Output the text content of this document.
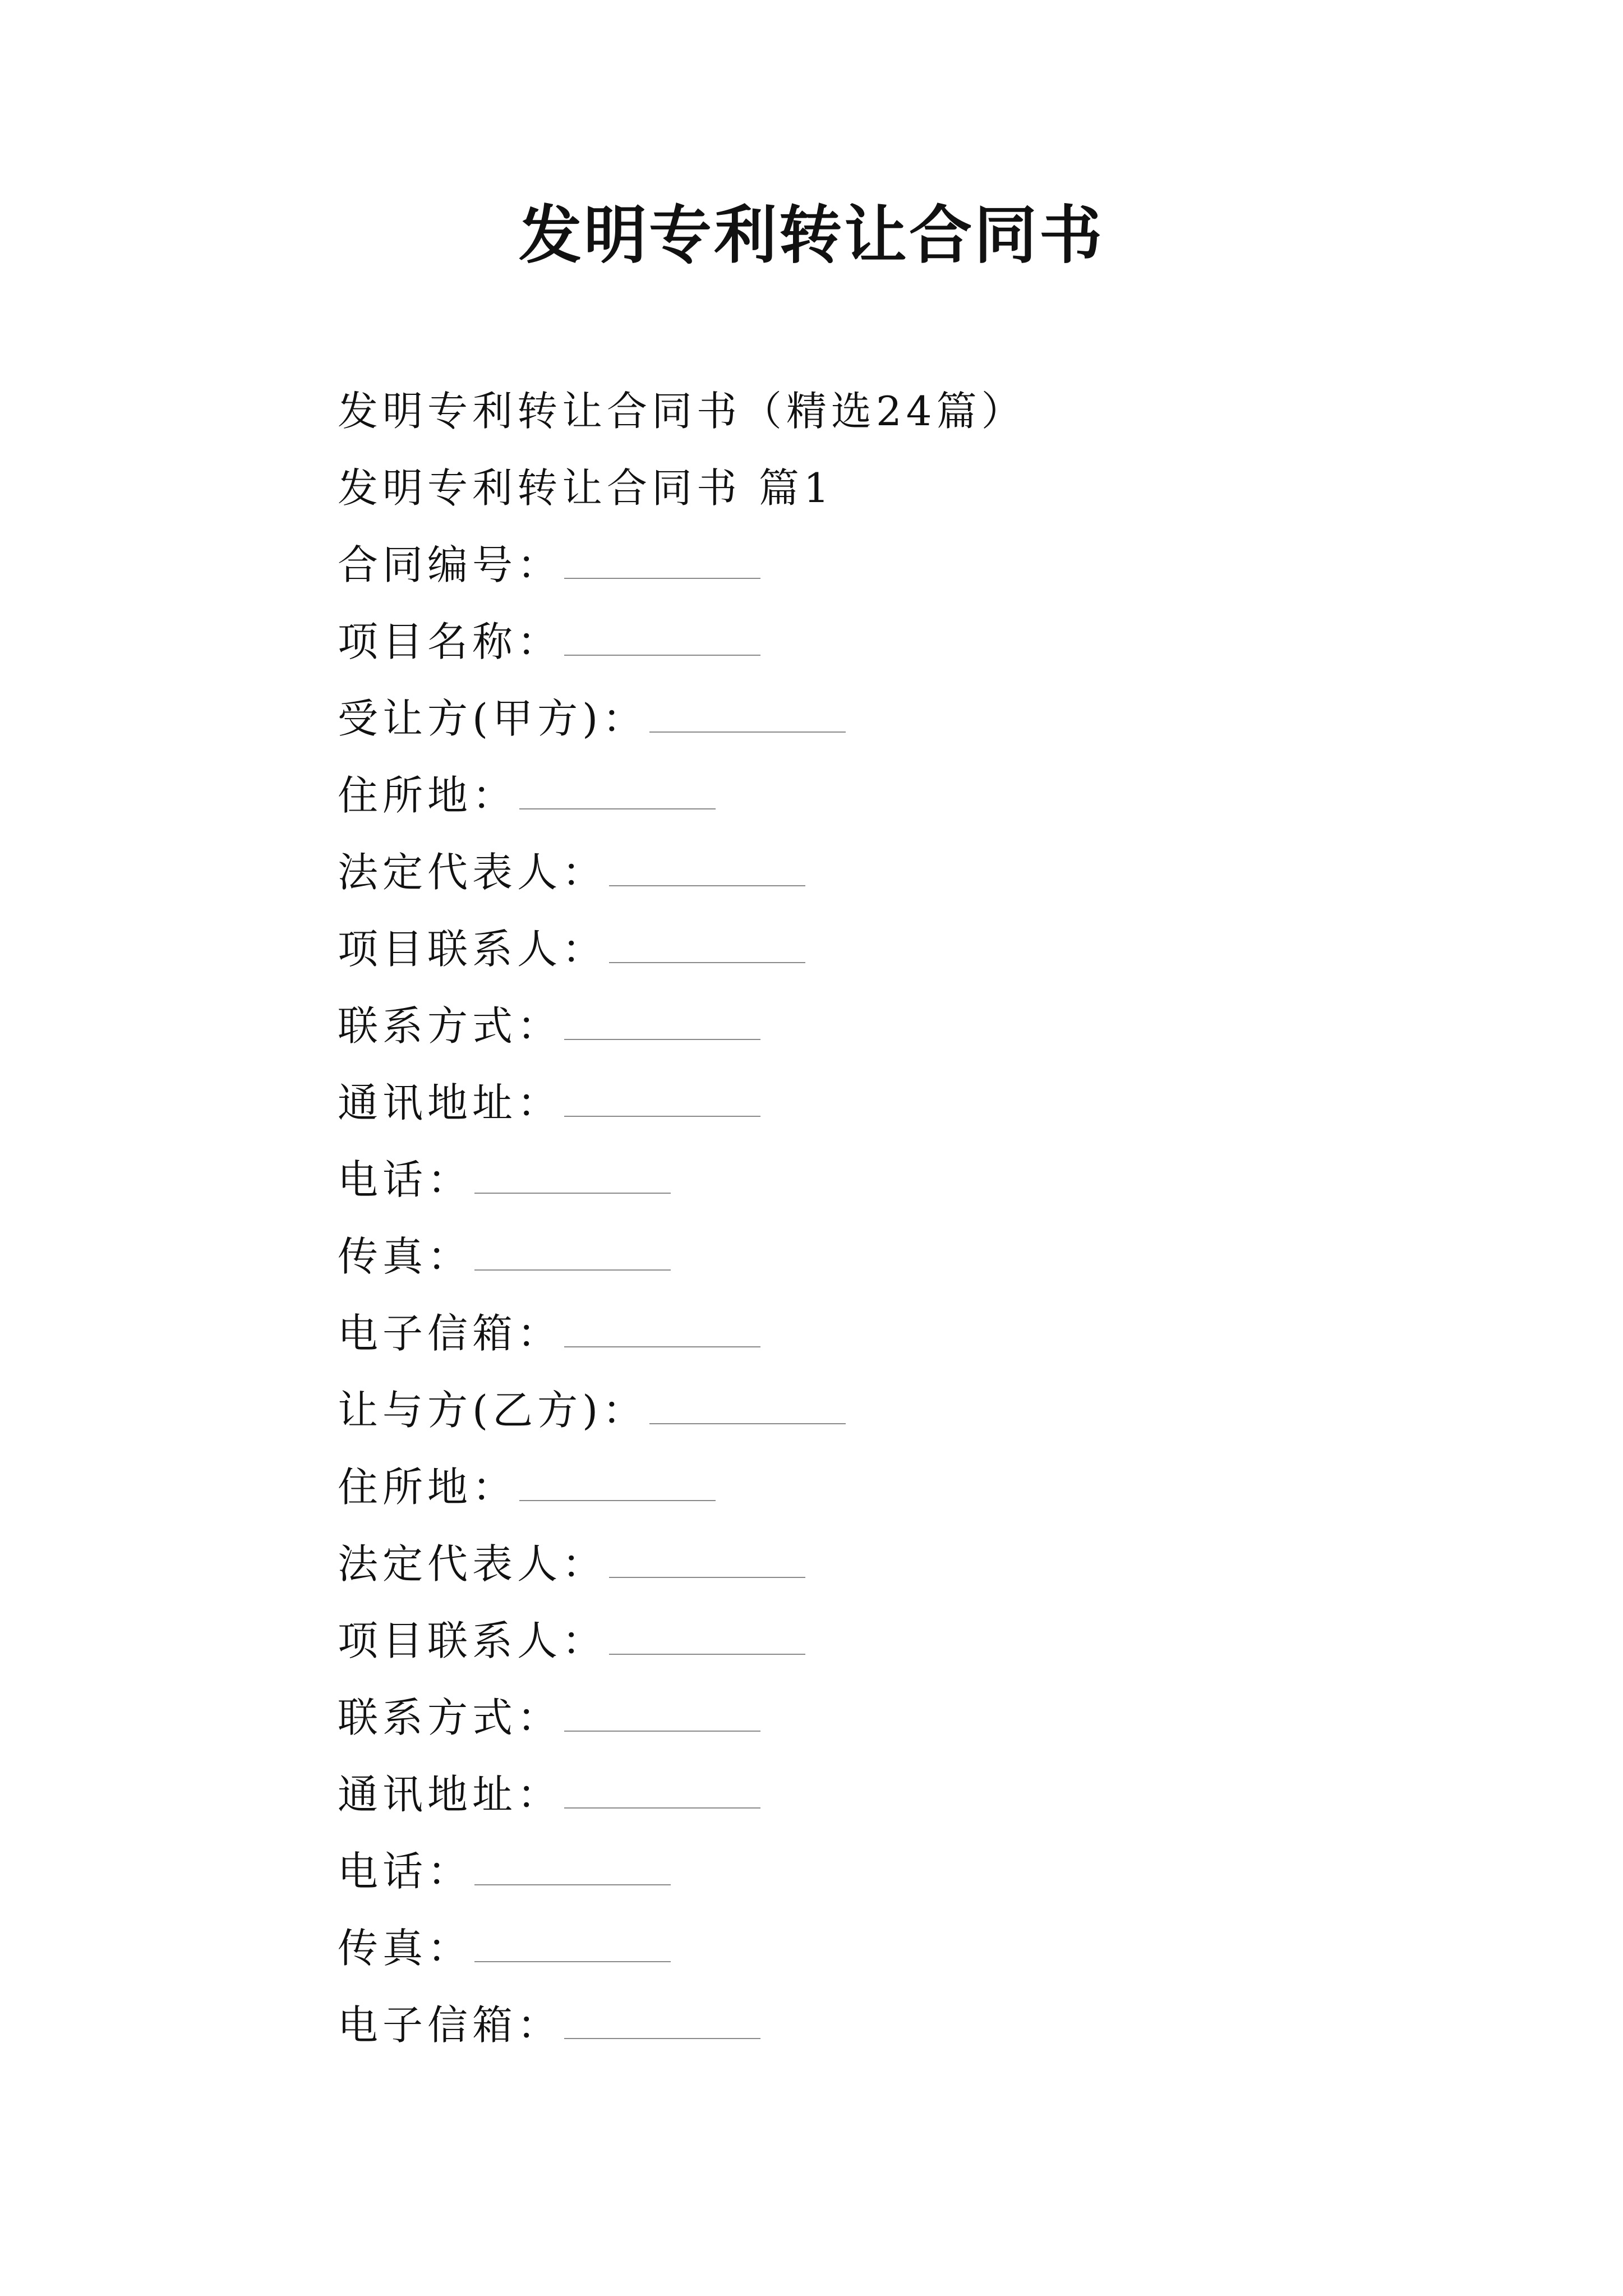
发明专利转让合同书
发明专利转让合同书（精选24篇）
发明专利转让合同书 篇1
合同编号：
项目名称：
受让方(甲方)：
住所地：
法定代表人：
项目联系人：
联系方式：
通讯地址：
电话：
传真：
电子信箱：
让与方(乙方)：
住所地：
法定代表人：
项目联系人：
联系方式：
通讯地址：
电话：
传真：
电子信箱：
